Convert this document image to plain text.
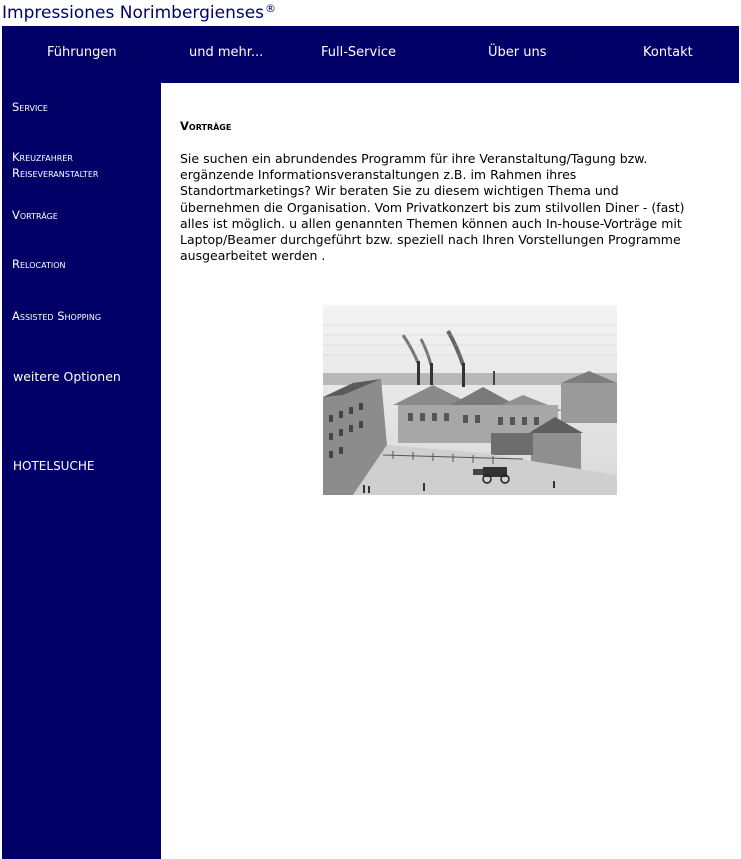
Impressiones Norimbergienses®
Führungen	und mehr...	Full-Service	Über uns	Kontakt
Service
Kreuzfahrer
Reiseveranstalter
Vorträge
Relocation
Assisted Shopping
weitere Optionen
HOTELSUCHE
Vorträge

Sie suchen ein abrundendes Programm für ihre Veranstaltung/Tagung bzw. ergänzende Informationsveranstaltungen z.B. im Rahmen ihres Standortmarketings? Wir beraten Sie zu diesem wichtigen Thema und übernehmen die Organisation. Vom Privatkonzert bis zum stilvollen Diner - (fast) alles ist möglich. u allen genannten Themen können auch In-house-Vorträge mit Laptop/Beamer durchgeführt bzw. speziell nach Ihren Vorstellungen Programme ausgearbeitet werden .
